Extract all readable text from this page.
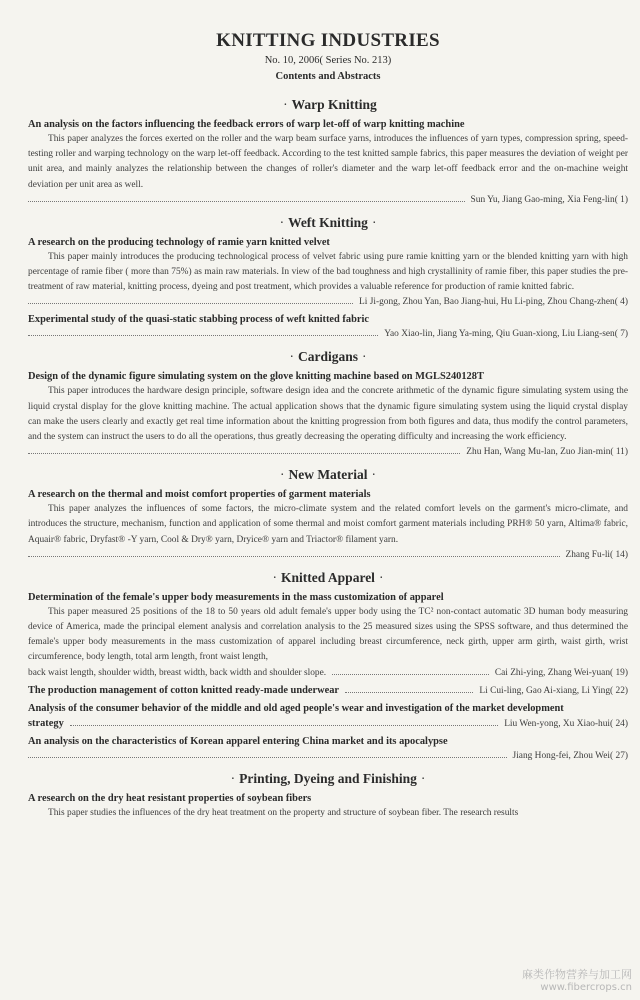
KNITTING INDUSTRIES
No. 10, 2006( Series No. 213)
Contents and Abstracts
· Warp Knitting

An analysis on the factors influencing the feedback errors of warp let-off of warp knitting machine

This paper analyzes the forces exerted on the roller and the warp beam surface yarns, introduces the influences of yarn types, compression spring, speed-testing roller and warping technology on the warp let-off feedback. According to the test knitted sample fabrics, this paper measures the deviation of weight per unit area, and mainly analyzes the relationship between the changes of roller's diameter and the warp let-off feedback error and the on-machine weight deviation per unit area as well.

Sun Yu, Jiang Gao-ming, Xia Feng-lin( 1)
· Weft Knitting ·

A research on the producing technology of ramie yarn knitted velvet

This paper mainly introduces the producing technological process of velvet fabric using pure ramie knitting yarn or the blended knitting yarn with high percentage of ramie fiber ( more than 75%) as main raw materials. In view of the bad toughness and high crystallinity of ramie fiber, this paper studies the pre-treatment of raw material, knitting process, dyeing and post treatment, which provides a valuable reference for production of ramie knitted fabric.

Li Ji-gong, Zhou Yan, Bao Jiang-hui, Hu Li-ping, Zhou Chang-zhen( 4)

Experimental study of the quasi-static stabbing process of weft knitted fabric

Yao Xiao-lin, Jiang Ya-ming, Qiu Guan-xiong, Liu Liang-sen( 7)
· Cardigans ·

Design of the dynamic figure simulating system on the glove knitting machine based on MGLS240128T

This paper introduces the hardware design principle, software design idea and the concrete arithmetic of the dynamic figure simulating system using the liquid crystal display for the glove knitting machine. The actual application shows that the dynamic figure simulating system using the liquid crystal display can make the users clearly and exactly get real time information about the knitting progression from both figures and data, thus modify the control parameters, and the system can instruct the users to do all the operations, thus greatly decreasing the operating difficulty and increasing the work efficiency.

Zhu Han, Wang Mu-lan, Zuo Jian-min( 11)
· New Material ·

A research on the thermal and moist comfort properties of garment materials

This paper analyzes the influences of some factors, the micro-climate system and the related comfort levels on the garment's micro-climate, and introduces the structure, mechanism, function and application of some thermal and moist comfort garment materials including PRH® 50 yarn, Altima® fabric, Aquair® fabric, Dryfast® -Y yarn, Cool & Dry® yarn, Dryice® yarn and Triactor® filament yarn.

Zhang Fu-li( 14)
· Knitted Apparel ·

Determination of the female's upper body measurements in the mass customization of apparel

This paper measured 25 positions of the 18 to 50 years old adult female's upper body using the TC² non-contact automatic 3D human body measuring device of America, made the principal element analysis and correlation analysis to the 25 measured sizes using the SPSS software, and thus determined the female's upper body measurements in the mass customization of apparel including breast circumference, neck girth, upper arm girth, waist girth, wrist circumference, body length, total arm length, front waist length,

back waist length, shoulder width, breast width, back width and shoulder slope.	Cai Zhi-ying, Zhang Wei-yuan( 19)
The production management of cotton knitted ready-made underwear	Li Cui-ling, Gao Ai-xiang, Li Ying( 22)

Analysis of the consumer behavior of the middle and old aged people's wear and investigation of the market development

strategy	Liu Wen-yong, Xu Xiao-hui( 24)

An analysis on the characteristics of Korean apparel entering China market and its apocalypse

Jiang Hong-fei, Zhou Wei( 27)
· Printing, Dyeing and Finishing ·

A research on the dry heat resistant properties of soybean fibers

This paper studies the influences of the dry heat treatment on the property and structure of soybean fiber. The research results

麻类作物营养与加工网
www.fibercrops.cn
